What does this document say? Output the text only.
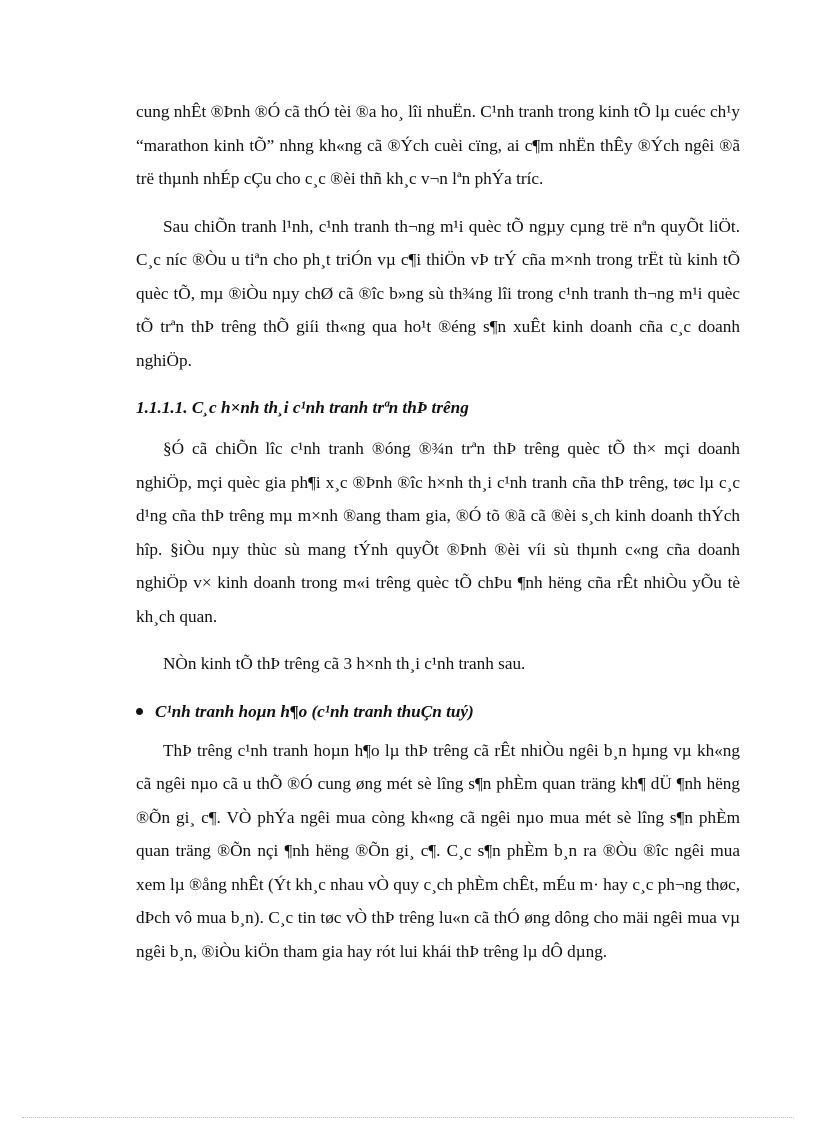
cung nhÊt ®Þnh ®Ó cã thÓ tèi ®a ho¸ lîi nhuËn. C¹nh tranh trong kinh tÕ lµ cuéc ch¹y “marathon kinh tÕ” nhng kh«ng cã ®Ých cuèi cïng, ai c¶m nhËn thÊy ®Ých ngêi ®ã trë thµnh nhÉp cÇu cho c¸c ®èi thñ kh¸c v¬n lªn phÝa tríc.

Sau chiÕn tranh l¹nh, c¹nh tranh th¬ng m¹i quèc tÕ ngµy cµng trë nªn quyÕt liÖt. C¸c níc ®Òu u tiªn cho ph¸t triÓn vµ c¶i thiÖn vÞ trÝ cña m×nh trong trËt tù kinh tÕ quèc tÕ, mµ ®iÒu nµy chØ cã ®îc b»ng sù th¾ng lîi trong c¹nh tranh th¬ng m¹i quèc tÕ trªn thÞ trêng thÕ giíi th«ng qua ho¹t ®éng s¶n xuÊt kinh doanh cña c¸c doanh nghiÖp.

1.1.1.1. C¸c h×nh th¸i c¹nh tranh trªn thÞ trêng

§Ó cã chiÕn lîc c¹nh tranh ®óng ®¾n trªn thÞ trêng quèc tÕ th× mçi doanh nghiÖp, mçi quèc gia ph¶i x¸c ®Þnh ®îc h×nh th¸i c¹nh tranh cña thÞ trêng, tøc lµ c¸c d¹ng cña thÞ trêng mµ m×nh ®ang tham gia, ®Ó tõ ®ã cã ®èi s¸ch kinh doanh thÝch hîp. §iÒu nµy thùc sù mang tÝnh quyÕt ®Þnh ®èi víi sù thµnh c«ng cña doanh nghiÖp v× kinh doanh trong m«i trêng quèc tÕ chÞu ¶nh hëng cña rÊt nhiÒu yÕu tè kh¸ch quan.

NÒn kinh tÕ thÞ trêng cã 3 h×nh th¸i c¹nh tranh sau.

C¹nh tranh hoµn h¶o (c¹nh tranh thuÇn tuý)

ThÞ trêng c¹nh tranh hoµn h¶o lµ thÞ trêng cã rÊt nhiÒu ngêi b¸n hµng vµ kh«ng cã ngêi nµo cã u thÕ ®Ó cung øng mét sè lîng s¶n phÈm quan träng kh¶ dÜ ¶nh hëng ®Õn gi¸ c¶. VÒ phÝa ngêi mua còng kh«ng cã ngêi nµo mua mét sè lîng s¶n phÈm quan träng ®Õn nçi ¶nh hëng ®Õn gi¸ c¶. C¸c s¶n phÈm b¸n ra ®Òu ®îc ngêi mua xem lµ ®ång nhÊt (Ýt kh¸c nhau vÒ quy c¸ch phÈm chÊt, mÉu m· hay c¸c ph¬ng thøc, dÞch vô mua b¸n). C¸c tin tøc vÒ thÞ trêng lu«n cã thÓ øng dông cho mäi ngêi mua vµ ngêi b¸n, ®iÒu kiÖn tham gia hay rót lui khái thÞ trêng lµ dÔ dµng.
